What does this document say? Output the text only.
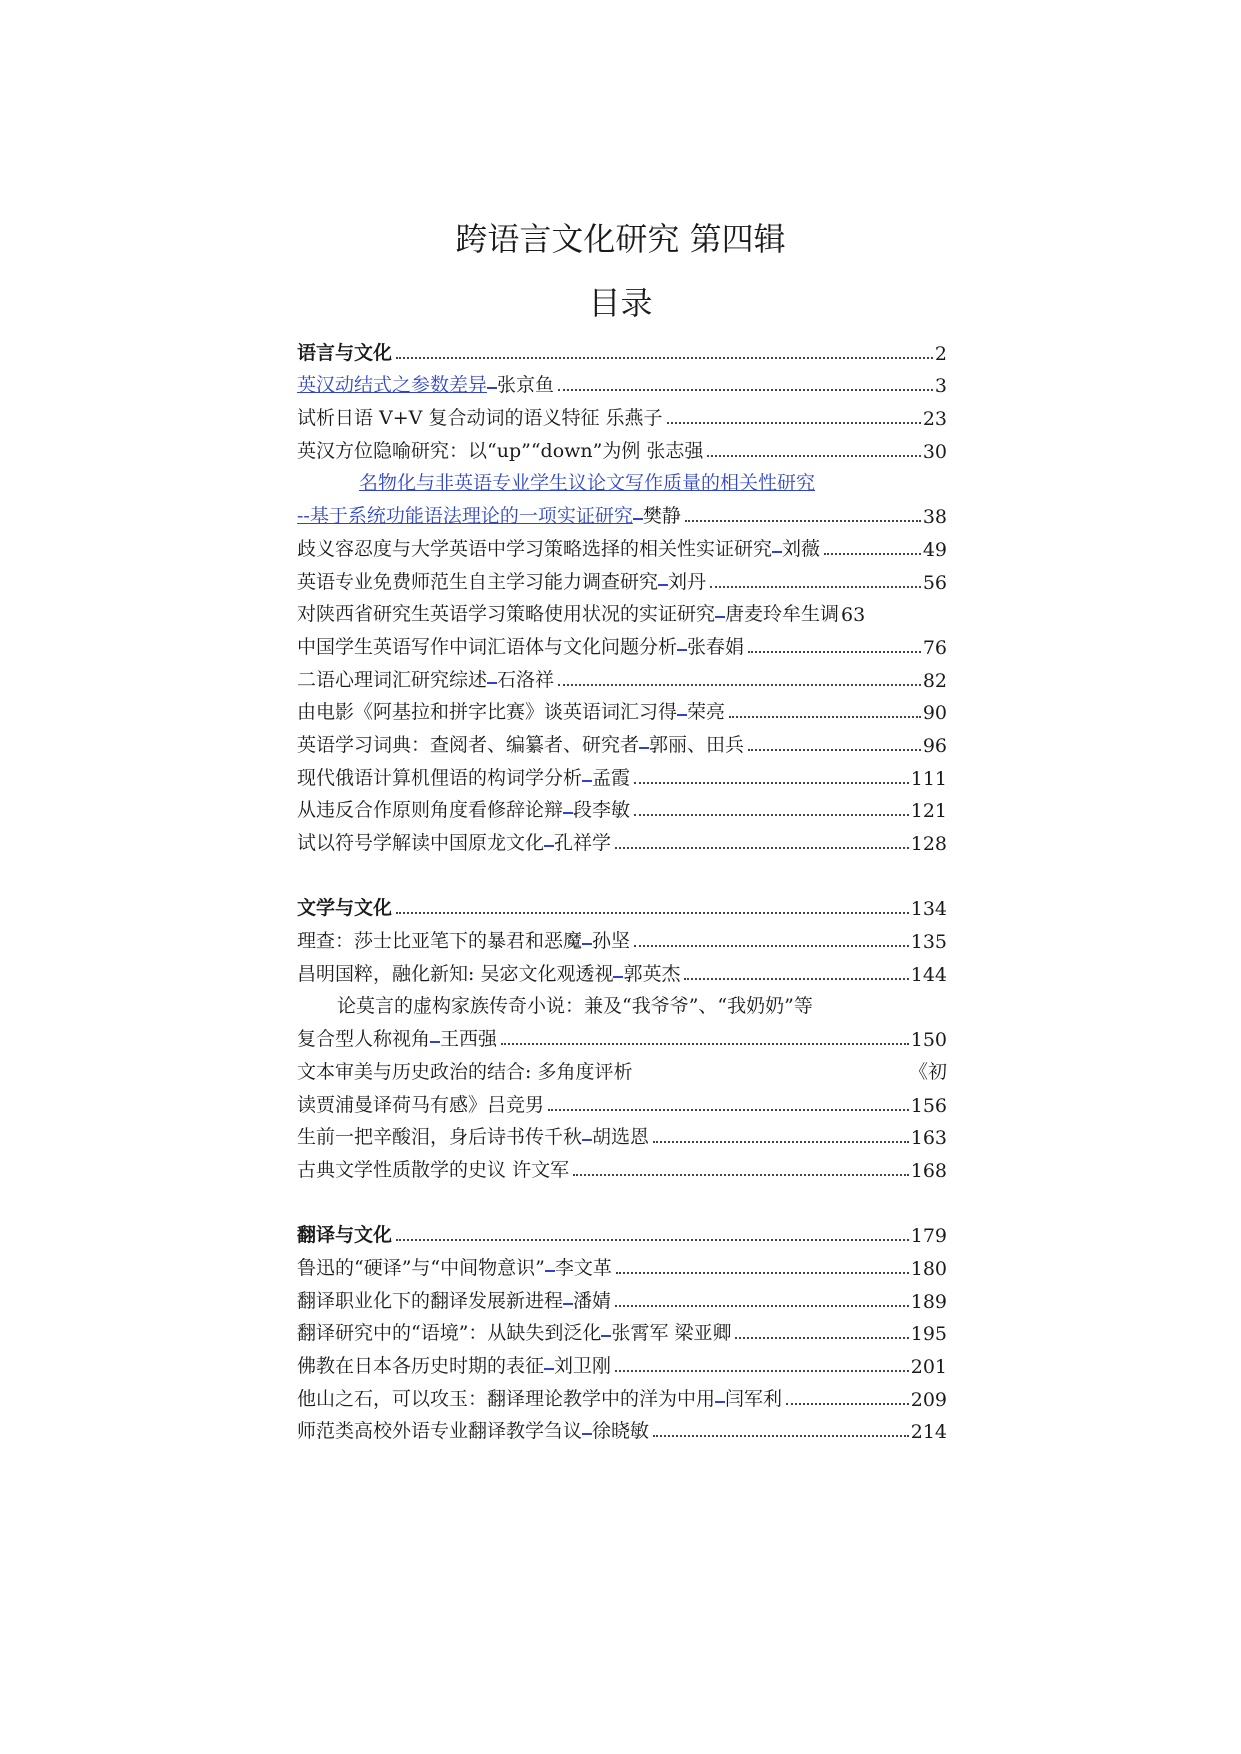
跨语言文化研究 第四辑
目录
语言与文化	2
英汉动结式之参数差异 张京鱼	3
试析日语 V+V 复合动词的语义特征 乐燕子	23
英汉方位隐喻研究：以“up”“down”为例 张志强	30
名物化与非英语专业学生议论文写作质量的相关性研究
--基于系统功能语法理论的一项实证研究 樊静	38
歧义容忍度与大学英语中学习策略选择的相关性实证研究 刘薇	49
英语专业免费师范生自主学习能力调查研究 刘丹	56
对陕西省研究生英语学习策略使用状况的实证研究 唐麦玲牟生调 63
中国学生英语写作中词汇语体与文化问题分析 张春娟	76
二语心理词汇研究综述 石洛祥	82
由电影《阿基拉和拼字比赛》谈英语词汇习得 荣亮	90
英语学习词典：查阅者、编纂者、研究者 郭丽、田兵	96
现代俄语计算机俚语的构词学分析 孟霞	111
从违反合作原则角度看修辞论辩 段李敏	121
试以符号学解读中国原龙文化 孔祥学	128
文学与文化	134
理查：莎士比亚笔下的暴君和恶魔 孙坚	135
昌明国粹，融化新知: 吴宓文化观透视 郭英杰	144
论莫言的虚构家族传奇小说：兼及“我爷爷”、“我奶奶”等
复合型人称视角 王西强	150
文本审美与历史政治的结合: 多角度评析	《初
读贾浦曼译荷马有感》吕竞男	156
生前一把辛酸泪，身后诗书传千秋 胡选恩	163
古典文学性质散学的史议 许文军	168
翻译与文化	179
鲁迅的“硬译”与“中间物意识” 李文革	180
翻译职业化下的翻译发展新进程 潘婧	189
翻译研究中的“语境”：从缺失到泛化 张霄军 梁亚卿	195
佛教在日本各历史时期的表征 刘卫刚	201
他山之石，可以攻玉：翻译理论教学中的洋为中用 闫军利	209
师范类高校外语专业翻译教学刍议 徐晓敏	214
